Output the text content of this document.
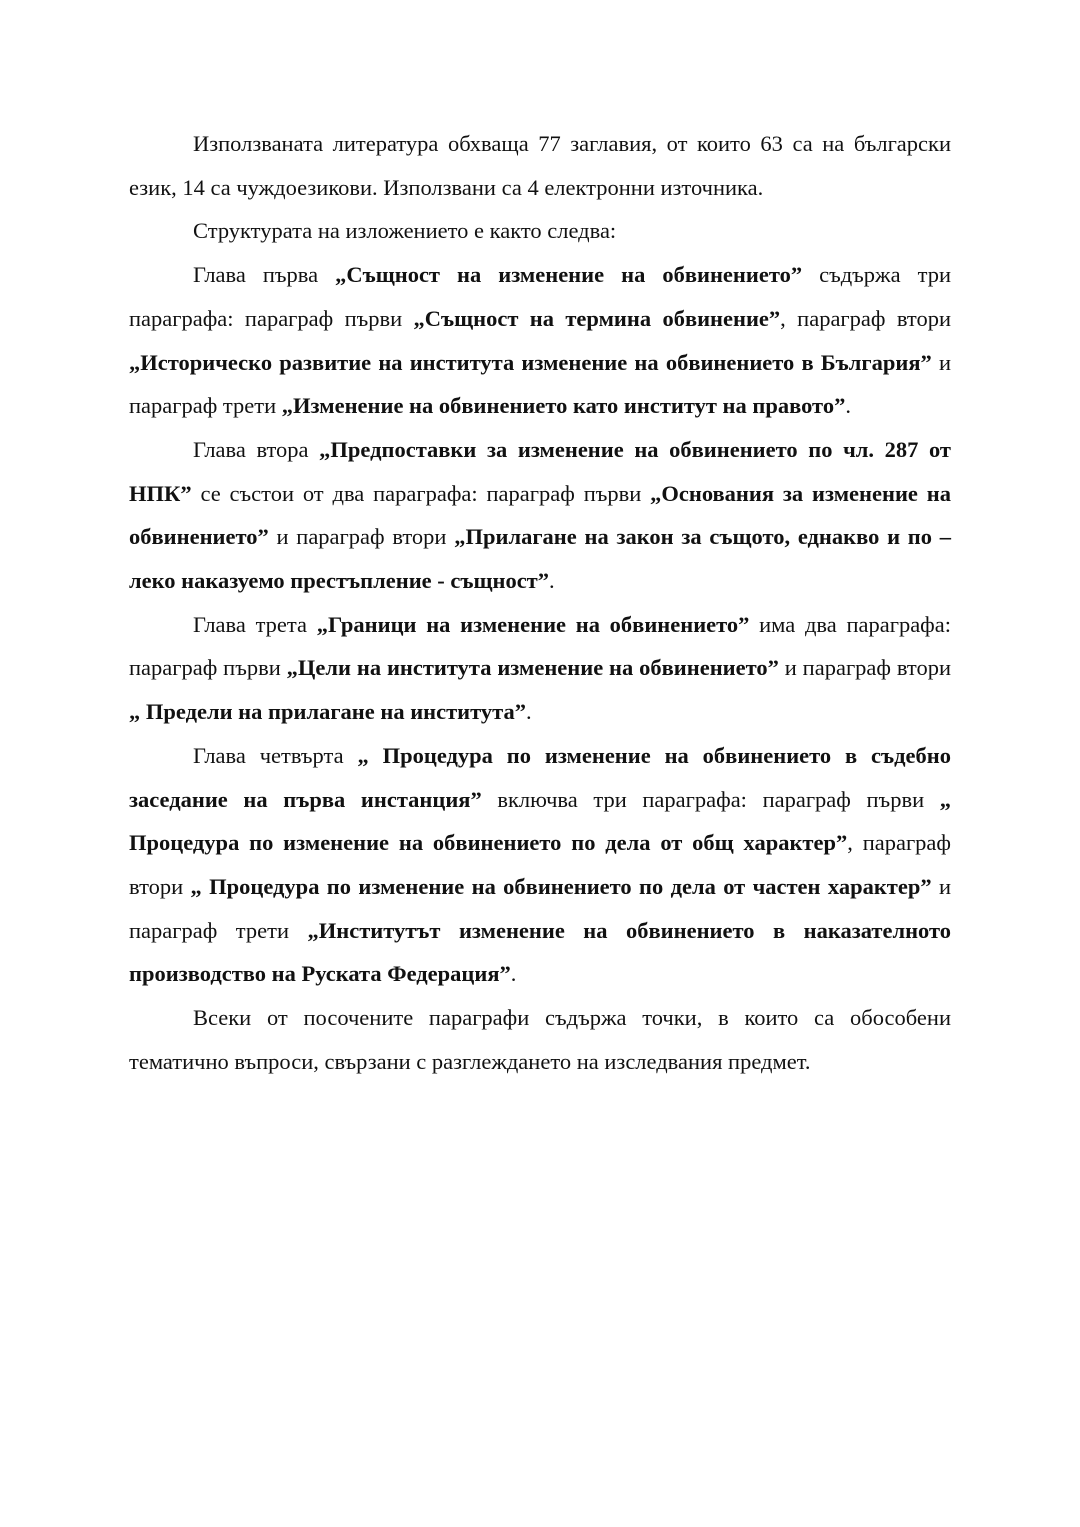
Използваната литература обхваща 77 заглавия, от които 63 са на български език, 14 са чуждоезикови. Използвани са 4 електронни източника.

Структурата на изложението е както следва:

Глава първа „Същност на изменение на обвинението” съдържа три параграфа: параграф първи „Същност на термина обвинение”, параграф втори „Историческо развитие на института изменение на обвинението в България” и параграф трети „Изменение на обвинението като институт на правото”.

Глава втора „Предпоставки за изменение на обвинението по чл. 287 от НПК” се състои от два параграфа: параграф първи „Основания за изменение на обвинението” и параграф втори „Прилагане на закон за същото, еднакво и по – леко наказуемо престъпление - същност”.

Глава трета „Граници на изменение на обвинението” има два параграфа: параграф първи „Цели на института изменение на обвинението” и параграф втори „ Предели на прилагане на института”.

Глава четвърта „ Процедура по изменение на обвинението в съдебно заседание на първа инстанция” включва три параграфа: параграф първи „ Процедура по изменение на обвинението по дела от общ характер”, параграф втори „ Процедура по изменение на обвинението по дела от частен характер” и параграф трети „Институтът изменение на обвинението в наказателното производство на Руската Федерация”.

Всеки от посочените параграфи съдържа точки, в които са обособени тематично въпроси, свързани с разглеждането на изследвания предмет.
